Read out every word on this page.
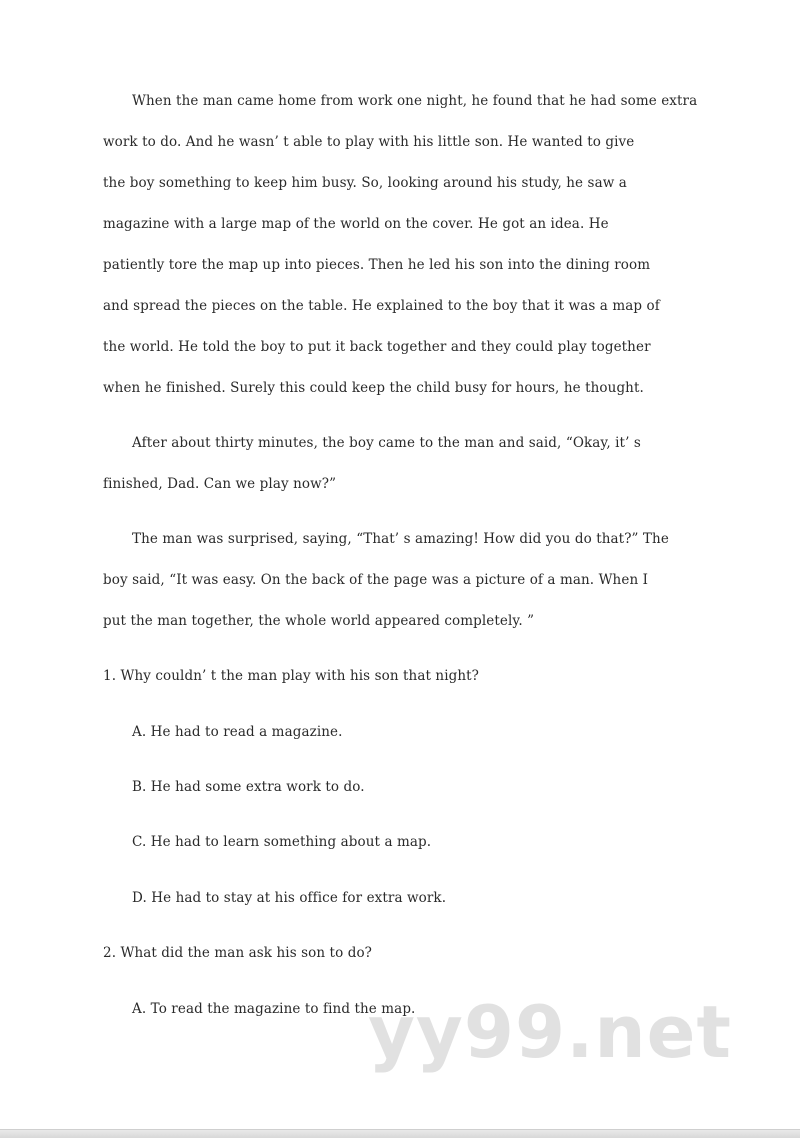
When the man came home from work one night, he found that he had some extra
work to do. And he wasn’ t able to play with his little son. He wanted to give
the boy something to keep him busy. So, looking around his study, he saw a
magazine with a large map of the world on the cover. He got an idea. He
patiently tore the map up into pieces. Then he led his son into the dining room
and spread the pieces on the table. He explained to the boy that it was a map of
the world. He told the boy to put it back together and they could play together
when he finished. Surely this could keep the child busy for hours, he thought.
After about thirty minutes, the boy came to the man and said, “Okay, it’ s
finished, Dad. Can we play now?”
The man was surprised, saying, “That’ s amazing! How did you do that?” The
boy said, “It was easy. On the back of the page was a picture of a man. When I
put the man together, the whole world appeared completely. ”
1. Why couldn’ t the man play with his son that night?
A. He had to read a magazine.
B. He had some extra work to do.
C. He had to learn something about a map.
D. He had to stay at his office for extra work.
2. What did the man ask his son to do?
A. To read the magazine to find the map.
yy99.net
